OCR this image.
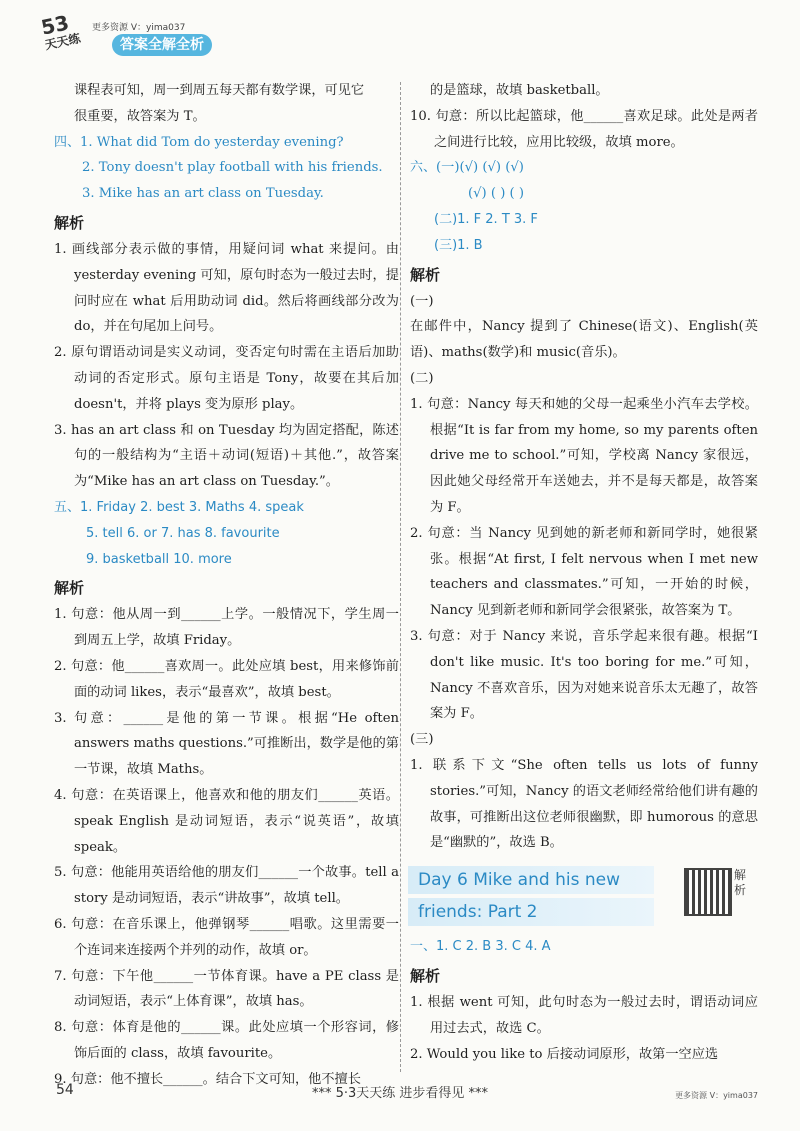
53
天天练
更多资源 V：yima037
答案全解全析

课程表可知，周一到周五每天都有数学课，可见它

很重要，故答案为 T。

四、1. What did Tom do yesterday evening?

2. Tony doesn't play football with his friends.

3. Mike has an art class on Tuesday.

解析

1. 画线部分表示做的事情，用疑问词 what 来提问。由 yesterday evening 可知，原句时态为一般过去时，提问时应在 what 后用助动词 did。然后将画线部分改为 do，并在句尾加上问号。

2. 原句谓语动词是实义动词，变否定句时需在主语后加助动词的否定形式。原句主语是 Tony，故要在其后加 doesn't，并将 plays 变为原形 play。

3. has an art class 和 on Tuesday 均为固定搭配，陈述句的一般结构为“主语＋动词(短语)＋其他.”，故答案为“Mike has an art class on Tuesday.”。

五、1. Friday 2. best 3. Maths 4. speak

5. tell 6. or 7. has 8. favourite

9. basketball 10. more

解析

1. 句意：他从周一到______上学。一般情况下，学生周一到周五上学，故填 Friday。

2. 句意：他______喜欢周一。此处应填 best，用来修饰前面的动词 likes，表示“最喜欢”，故填 best。

3. 句意：______是他的第一节课。根据“He often answers maths questions.”可推断出，数学是他的第一节课，故填 Maths。

4. 句意：在英语课上，他喜欢和他的朋友们______英语。speak English 是动词短语，表示“说英语”，故填 speak。

5. 句意：他能用英语给他的朋友们______一个故事。tell a story 是动词短语，表示“讲故事”，故填 tell。

6. 句意：在音乐课上，他弹钢琴______唱歌。这里需要一个连词来连接两个并列的动作，故填 or。

7. 句意：下午他______一节体育课。have a PE class 是动词短语，表示“上体育课”，故填 has。

8. 句意：体育是他的______课。此处应填一个形容词，修饰后面的 class，故填 favourite。

9. 句意：他不擅长______。结合下文可知，他不擅长

的是篮球，故填 basketball。

10. 句意：所以比起篮球，他______喜欢足球。此处是两者之间进行比较，应用比较级，故填 more。

六、(一)(√) (√) (√)

(√) ( ) ( )

(二)1. F 2. T 3. F

(三)1. B

解析

(一)

在邮件中，Nancy 提到了 Chinese(语文)、English(英语)、maths(数学)和 music(音乐)。

(二)

1. 句意：Nancy 每天和她的父母一起乘坐小汽车去学校。根据“It is far from my home, so my parents often drive me to school.”可知，学校离 Nancy 家很远，因此她父母经常开车送她去，并不是每天都是，故答案为 F。

2. 句意：当 Nancy 见到她的新老师和新同学时，她很紧张。根据“At first, I felt nervous when I met new teachers and classmates.”可知，一开始的时候，Nancy 见到新老师和新同学会很紧张，故答案为 T。

3. 句意：对于 Nancy 来说，音乐学起来很有趣。根据“I don't like music. It's too boring for me.”可知，Nancy 不喜欢音乐，因为对她来说音乐太无趣了，故答案为 F。

(三)

1. 联系下文“She often tells us lots of funny stories.”可知，Nancy 的语文老师经常给他们讲有趣的故事，可推断出这位老师很幽默，即 humorous 的意思是“幽默的”，故选 B。

Day 6 Mike and his new
friends: Part 2
解析

一、1. C 2. B 3. C 4. A

解析

1. 根据 went 可知，此句时态为一般过去时，谓语动词应用过去式，故选 C。

2. Would you like to 后接动词原形，故第一空应选

54	*** 5·3天天练 进步看得见 ***	更多资源 V：yima037
